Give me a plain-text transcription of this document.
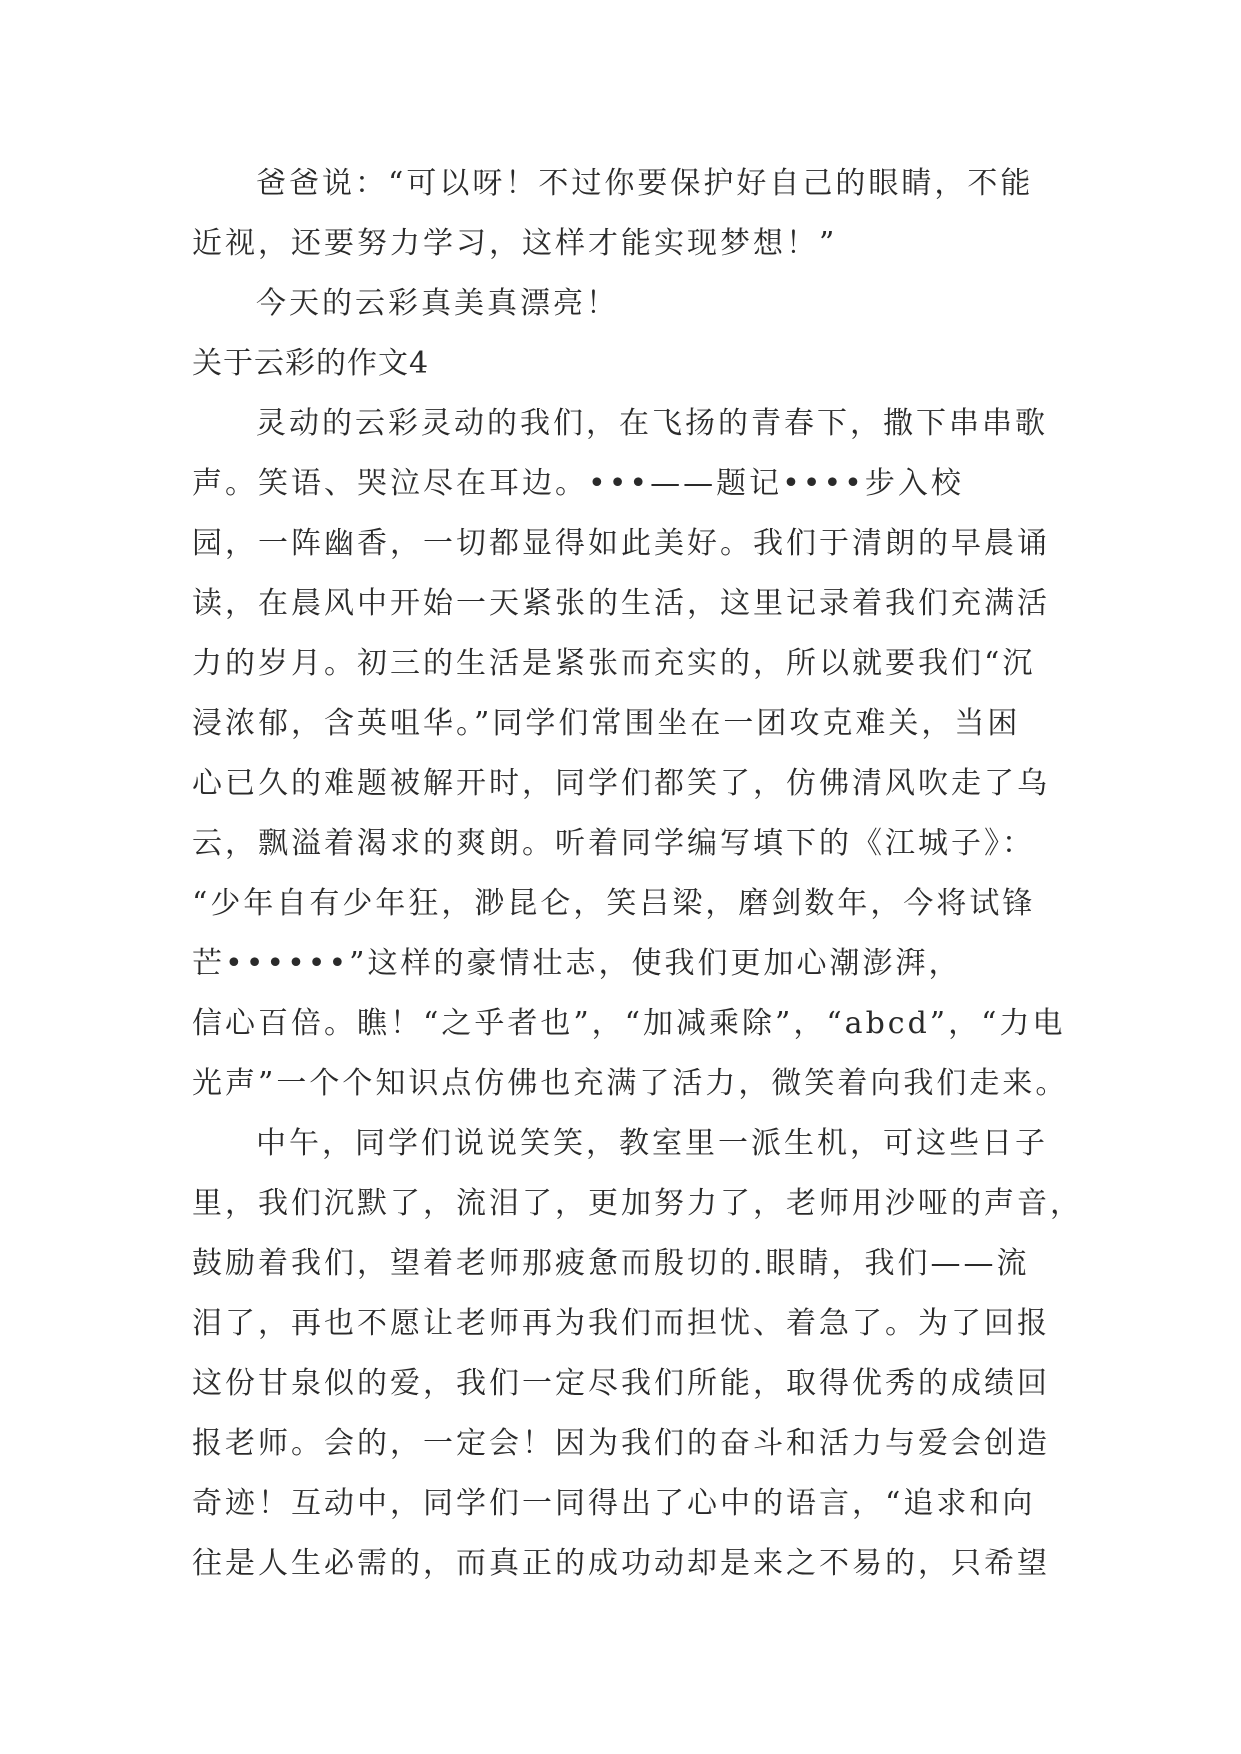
爸爸说：“可以呀！不过你要保护好自己的眼睛，不能
近视，还要努力学习，这样才能实现梦想！”
今天的云彩真美真漂亮！
关于云彩的作文4
灵动的云彩灵动的我们，在飞扬的青春下，撒下串串歌
声。笑语、哭泣尽在耳边。•••——题记••••步入校
园，一阵幽香，一切都显得如此美好。我们于清朗的早晨诵
读，在晨风中开始一天紧张的生活，这里记录着我们充满活
力的岁月。初三的生活是紧张而充实的，所以就要我们“沉
浸浓郁，含英咀华。”同学们常围坐在一团攻克难关，当困
心已久的难题被解开时，同学们都笑了，仿佛清风吹走了乌
云，飘溢着渴求的爽朗。听着同学编写填下的《江城子》：
“少年自有少年狂，渺昆仑，笑吕梁，磨剑数年，今将试锋
芒••••••”这样的豪情壮志，使我们更加心潮澎湃，
信心百倍。瞧！“之乎者也”，“加减乘除”，“abcd”，“力电
光声”一个个知识点仿佛也充满了活力，微笑着向我们走来。
中午，同学们说说笑笑，教室里一派生机，可这些日子
里，我们沉默了，流泪了，更加努力了，老师用沙哑的声音，
鼓励着我们，望着老师那疲惫而殷切的.眼睛，我们——流
泪了，再也不愿让老师再为我们而担忧、着急了。为了回报
这份甘泉似的爱，我们一定尽我们所能，取得优秀的成绩回
报老师。会的，一定会！因为我们的奋斗和活力与爱会创造
奇迹！互动中，同学们一同得出了心中的语言，“追求和向
往是人生必需的，而真正的成功动却是来之不易的，只希望
